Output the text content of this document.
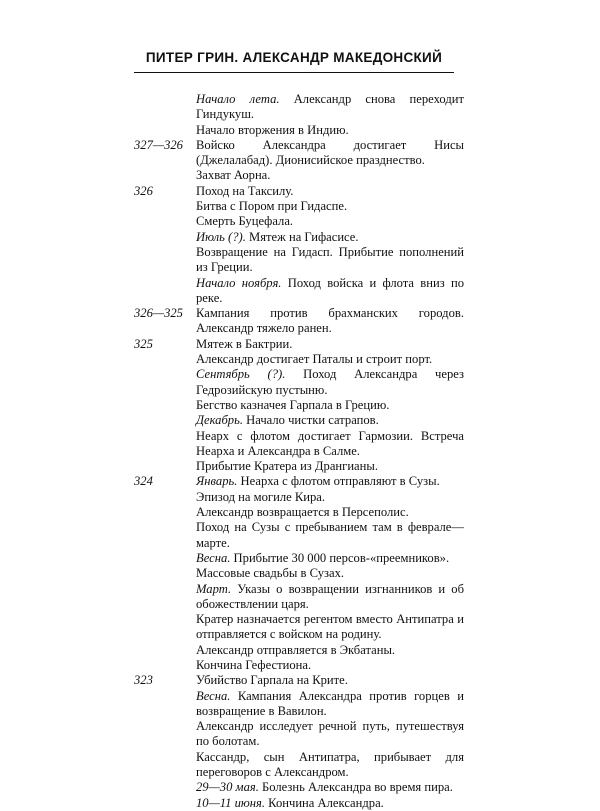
ПИТЕР ГРИН. АЛЕКСАНДР МАКЕДОНСКИЙ
Начало лета. Александр снова переходит Гиндукуш.
Начало вторжения в Индию.
327—326	Войско Александра достигает Нисы (Джелалабад). Дионисийское празднество.
Захват Аорна.
326	Поход на Таксилу.
Битва с Пором при Гидаспе.
Смерть Буцефала.
Июль (?). Мятеж на Гифасисе.
Возвращение на Гидасп. Прибытие пополнений из Греции.
Начало ноября. Поход войска и флота вниз по реке.
326—325	Кампания против брахманских городов. Александр тяжело ранен.
325	Мятеж в Бактрии.
Александр достигает Паталы и строит порт.
Сентябрь (?). Поход Александра через Гедрозийскую пустыню.
Бегство казначея Гарпала в Грецию.
Декабрь. Начало чистки сатрапов.
Неарх с флотом достигает Гармозии. Встреча Неарха и Александра в Салме.
Прибытие Кратера из Дрангианы.
324	Январь. Неарха с флотом отправляют в Сузы.
Эпизод на могиле Кира.
Александр возвращается в Персеполис.
Поход на Сузы с пребыванием там в феврале—марте.
Весна. Прибытие 30 000 персов-«преемников».
Массовые свадьбы в Сузах.
Март. Указы о возвращении изгнанников и об обожествлении царя.
Кратер назначается регентом вместо Антипатра и отправляется с войском на родину.
Александр отправляется в Экбатаны.
Кончина Гефестиона.
323	Убийство Гарпала на Крите.
Весна. Кампания Александра против горцев и возвращение в Вавилон.
Александр исследует речной путь, путешествуя по болотам.
Кассандр, сын Антипатра, прибывает для переговоров с Александром.
29—30 мая. Болезнь Александра во время пира.
10—11 июня. Кончина Александра.
